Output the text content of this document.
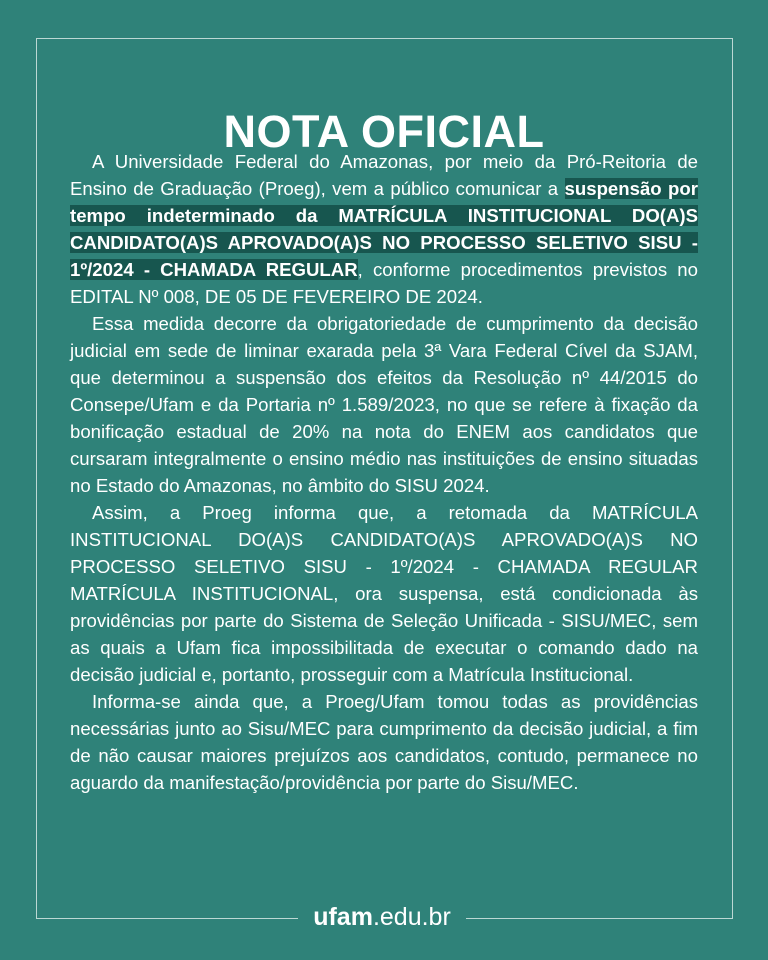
NOTA OFICIAL

A Universidade Federal do Amazonas, por meio da Pró-Reitoria de Ensino de Graduação (Proeg), vem a público comunicar a suspensão por tempo indeterminado da MATRÍCULA INSTITUCIONAL DO(A)S CANDIDATO(A)S APROVADO(A)S NO PROCESSO SELETIVO SISU - 1º/2024 - CHAMADA REGULAR, conforme procedimentos previstos no EDITAL Nº 008, DE 05 DE FEVEREIRO DE 2024.

Essa medida decorre da obrigatoriedade de cumprimento da decisão judicial em sede de liminar exarada pela 3ª Vara Federal Cível da SJAM, que determinou a suspensão dos efeitos da Resolução nº 44/2015 do Consepe/Ufam e da Portaria nº 1.589/2023, no que se refere à fixação da bonificação estadual de 20% na nota do ENEM aos candidatos que cursaram integralmente o ensino médio nas instituições de ensino situadas no Estado do Amazonas, no âmbito do SISU 2024.

Assim, a Proeg informa que, a retomada da MATRÍCULA INSTITUCIONAL DO(A)S CANDIDATO(A)S APROVADO(A)S NO PROCESSO SELETIVO SISU - 1º/2024 - CHAMADA REGULAR MATRÍCULA INSTITUCIONAL, ora suspensa, está condicionada às providências por parte do Sistema de Seleção Unificada - SISU/MEC, sem as quais a Ufam fica impossibilitada de executar o comando dado na decisão judicial e, portanto, prosseguir com a Matrícula Institucional.

Informa-se ainda que, a Proeg/Ufam tomou todas as providências necessárias junto ao Sisu/MEC para cumprimento da decisão judicial, a fim de não causar maiores prejuízos aos candidatos, contudo, permanece no aguardo da manifestação/providência por parte do Sisu/MEC.

ufam.edu.br
